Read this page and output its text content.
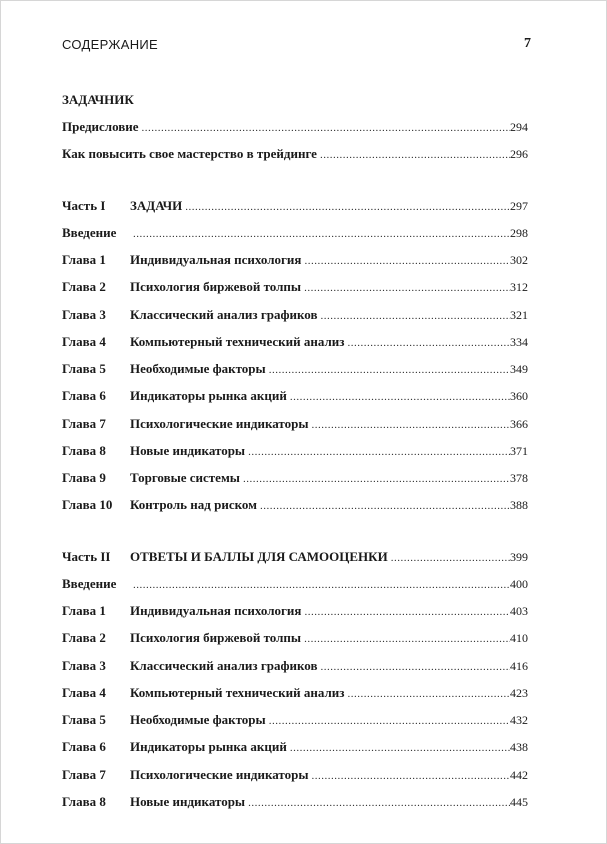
СОДЕРЖАНИЕ	7
ЗАДАЧНИК
Предисловие .....	294
Как повысить свое мастерство в трейдинге .....	296
Часть I	ЗАДАЧИ .....	297
Введение .....	298
Глава 1	Индивидуальная психология .....	302
Глава 2	Психология биржевой толпы .....	312
Глава 3	Классический анализ графиков .....	321
Глава 4	Компьютерный технический анализ .....	334
Глава 5	Необходимые факторы .....	349
Глава 6	Индикаторы рынка акций .....	360
Глава 7	Психологические индикаторы .....	366
Глава 8	Новые индикаторы .....	371
Глава 9	Торговые системы .....	378
Глава 10	Контроль над риском .....	388
Часть II	ОТВЕТЫ И БАЛЛЫ ДЛЯ САМООЦЕНКИ .....	399
Введение .....	400
Глава 1	Индивидуальная психология .....	403
Глава 2	Психология биржевой толпы .....	410
Глава 3	Классический анализ графиков .....	416
Глава 4	Компьютерный технический анализ .....	423
Глава 5	Необходимые факторы .....	432
Глава 6	Индикаторы рынка акций .....	438
Глава 7	Психологические индикаторы .....	442
Глава 8	Новые индикаторы .....	445
